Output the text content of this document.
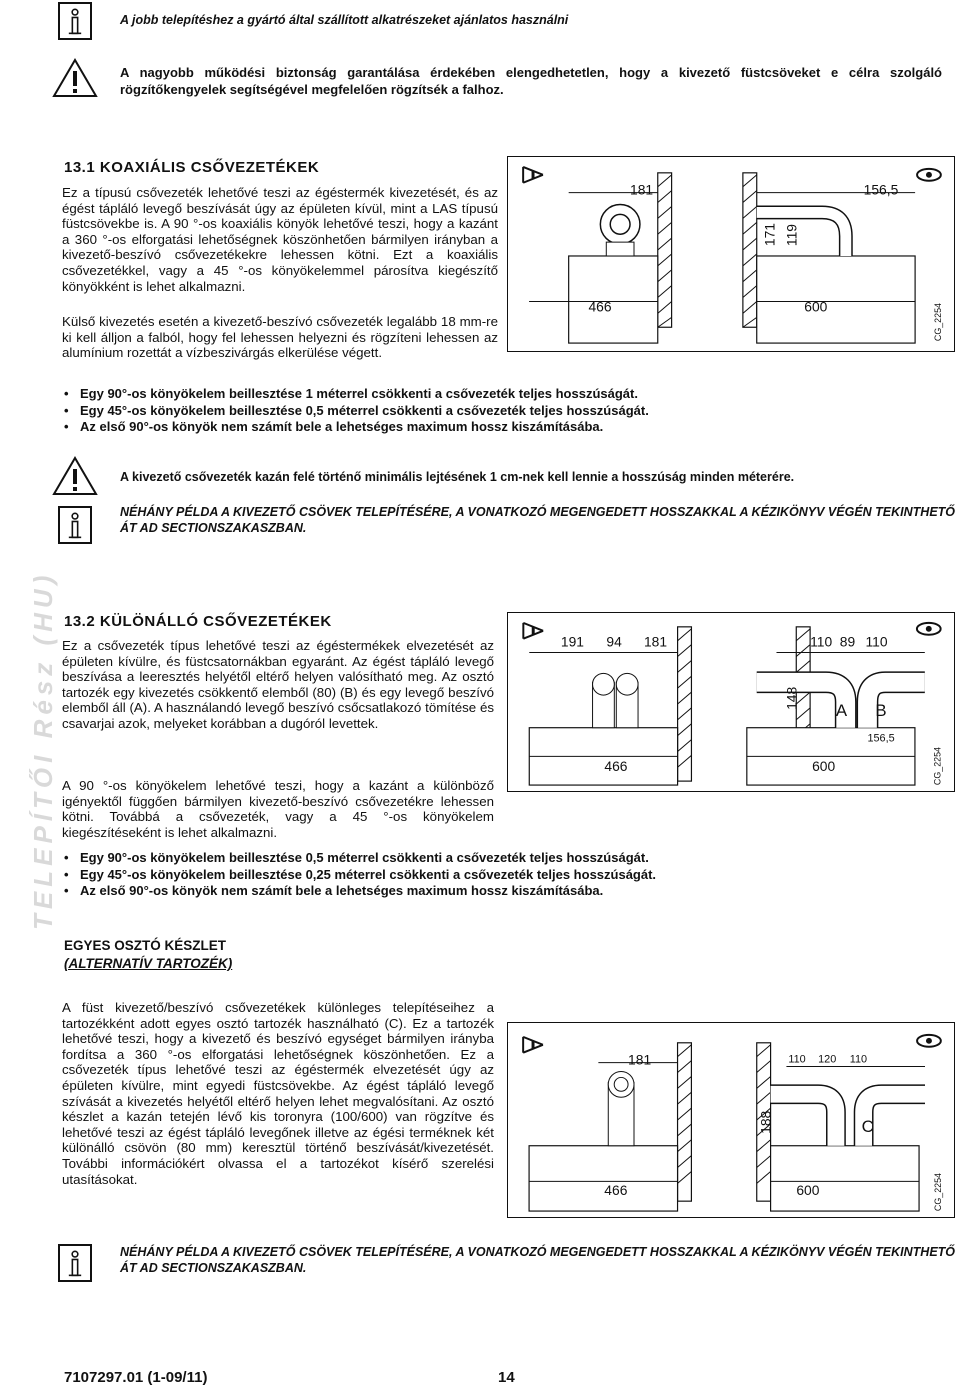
A jobb telepítéshez a gyártó által szállított alkatrészeket ajánlatos használni
A nagyobb működési biztonság garantálása érdekében elengedhetetlen, hogy a kivezető füstcsöveket e célra szolgáló rögzítőkengyelek segítségével megfelelően rögzítsék a falhoz.
TELEPÍTŐI Rész (HU)
13.1 KOAXIÁLIS CSŐVEZETÉKEK
Ez a típusú csővezeték lehetővé teszi az égéstermék kivezetését, és az égést tápláló levegő beszívását úgy az épületen kívül, mint a LAS típusú füstcsövekbe is. A 90 °-os koaxiális könyök lehetővé teszi, hogy a kazánt a 360 °-os elforgatási lehetőségnek köszönhetően bármilyen irányban a kivezető-beszívó csővezetékekre lehessen kötni. Ezt a koaxiális csővezetékkel, vagy a 45 °-os könyökelemmel párosítva kiegészítő könyökként is lehet alkalmazni.
Külső kivezetés esetén a kivezető-beszívó csővezeték legalább 18 mm-re ki kell álljon a falból, hogy fel lehessen helyezni és rögzíteni lehessen az alumínium rozettát a vízbeszivárgás elkerülése végett.
181
466
171 119
600
156,5
CG_2254
• Egy 90°-os könyökelem beillesztése 1 méterrel csökkenti a csővezeték teljes hosszúságát.
• Egy 45°-os könyökelem beillesztése 0,5 méterrel csökkenti a csővezeték teljes hosszúságát.
• Az első 90°-os könyök nem számít bele a lehetséges maximum hossz kiszámításába.
A kivezető csővezeték kazán felé történő minimális lejtésének 1 cm-nek kell lennie a hosszúság minden méterére.
NÉHÁNY PÉLDA A KIVEZETŐ CSÖVEK TELEPÍTÉSÉRE, A VONATKOZÓ MEGENGEDETT HOSSZAKKAL A KÉZIKÖNYV VÉGÉN TEKINTHETŐ ÁT AD SECTIONSZAKASZBAN.
13.2 KÜLÖNÁLLÓ CSŐVEZETÉKEK
Ez a csővezeték típus lehetővé teszi az égéstermékek elvezetését az épületen kívülre, és füstcsatornákban egyaránt. Az égést tápláló levegő beszívása a leeresztés helyétől eltérő helyen valósítható meg. Az osztó tartozék egy kivezetés csökkentő elemből (80) (B) és egy levegő beszívó elemből áll (A). A használandó levegő beszívó csőcsatlakozó tömítése és csavarjai azok, melyeket korábban a dugóról levettek.
A 90 °-os könyökelem lehetővé teszi, hogy a kazánt a különböző igényektől függően bármilyen kivezető-beszívó csővezetékre lehessen kötni. Továbbá a csővezeték, vagy a 45 °-os könyökelem kiegészítéseként is lehet alkalmazni.
191 94 181
466
110 89 110
148
A B
156,5
600	CG_2254
• Egy 90°-os könyökelem beillesztése 0,5 méterrel csökkenti a csővezeték teljes hosszúságát.
• Egy 45°-os könyökelem beillesztése 0,25 méterrel csökkenti a csővezeték teljes hosszúságát.
• Az első 90°-os könyök nem számít bele a lehetséges maximum hossz kiszámításába.
EGYES OSZTÓ KÉSZLET
(ALTERNATÍV TARTOZÉK)
A füst kivezető/beszívó csővezetékek különleges telepítéseihez a tartozékként adott egyes osztó tartozék használható (C). Ez a tartozék lehetővé teszi, hogy a kivezető és beszívó egységet bármilyen irányba fordítsa a 360 °-os elforgatási lehetőségnek köszönhetően. Ez a csővezeték típus lehetővé teszi az égéstermék elvezetését úgy az épületen kívülre, mint egyedi füstcsövekbe. Az égést tápláló levegő szívását a kivezetés helyétől eltérő helyen lehet megvalósítani. Az osztó készlet a kazán tetején lévő kis toronyra (100/600) van rögzítve és lehetővé teszi az égést tápláló levegőnek illetve az égési terméknek két különálló csövön (80 mm) keresztül történő beszívását/kivezetését. További információkért olvassa el a tartozékot kísérő szerelési utasításokat.
181
466
110 120 110
188	C
600	CG_2254
NÉHÁNY PÉLDA A KIVEZETŐ CSÖVEK TELEPÍTÉSÉRE, A VONATKOZÓ MEGENGEDETT HOSSZAKKAL A KÉZIKÖNYV VÉGÉN TEKINTHETŐ ÁT AD SECTIONSZAKASZBAN.
7107297.01 (1-09/11)	14
